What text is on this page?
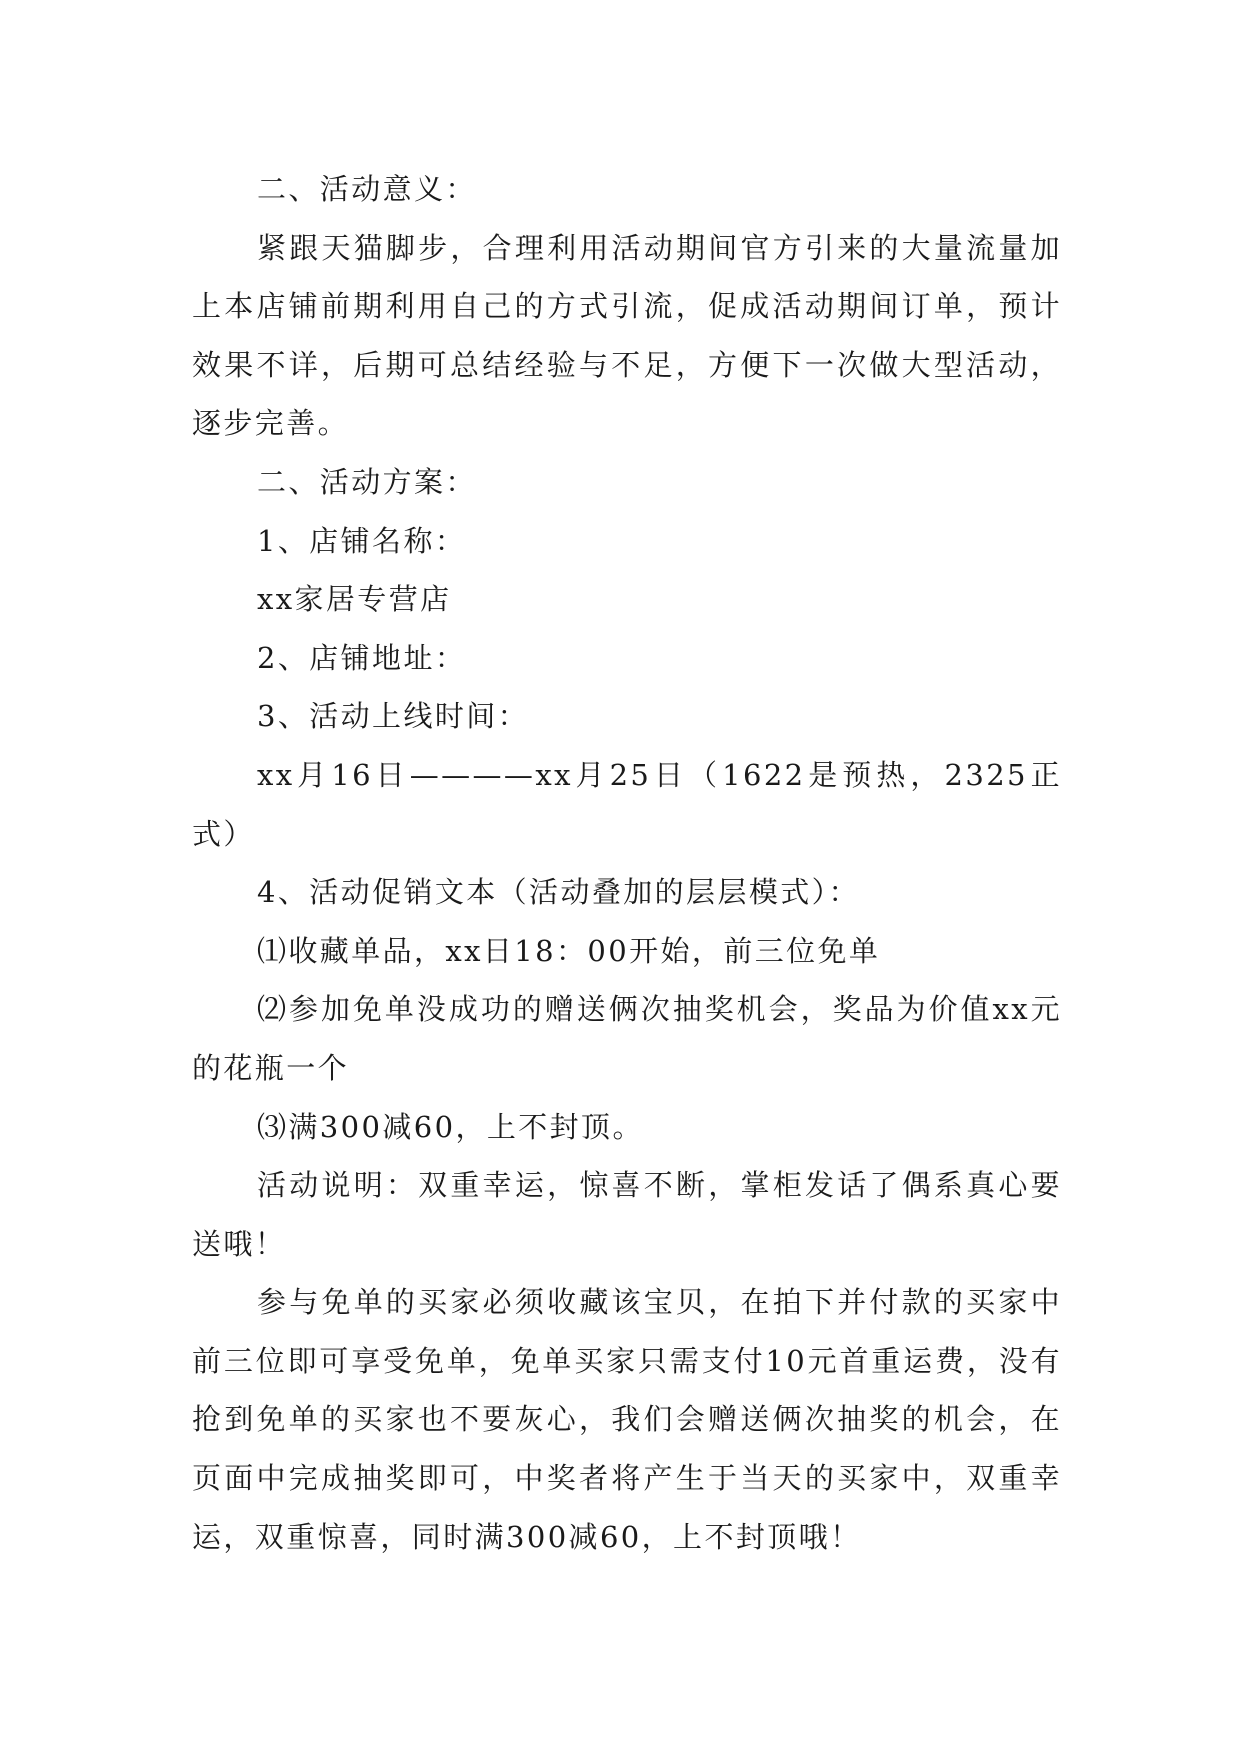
二、活动意义：

紧跟天猫脚步，合理利用活动期间官方引来的大量流量加上本店铺前期利用自己的方式引流，促成活动期间订单，预计效果不详，后期可总结经验与不足，方便下一次做大型活动，逐步完善。

二、活动方案：

1、店铺名称：

xx家居专营店

2、店铺地址：

3、活动上线时间：

xx月16日————xx月25日（1622是预热，2325正式）

4、活动促销文本（活动叠加的层层模式）：

⑴收藏单品，xx日18：00开始，前三位免单

⑵参加免单没成功的赠送俩次抽奖机会，奖品为价值xx元的花瓶一个

⑶满300减60，上不封顶。

活动说明：双重幸运，惊喜不断，掌柜发话了偶系真心要送哦！

参与免单的买家必须收藏该宝贝，在拍下并付款的买家中前三位即可享受免单，免单买家只需支付10元首重运费，没有抢到免单的买家也不要灰心，我们会赠送俩次抽奖的机会，在页面中完成抽奖即可，中奖者将产生于当天的买家中，双重幸运，双重惊喜，同时满300减60，上不封顶哦！
